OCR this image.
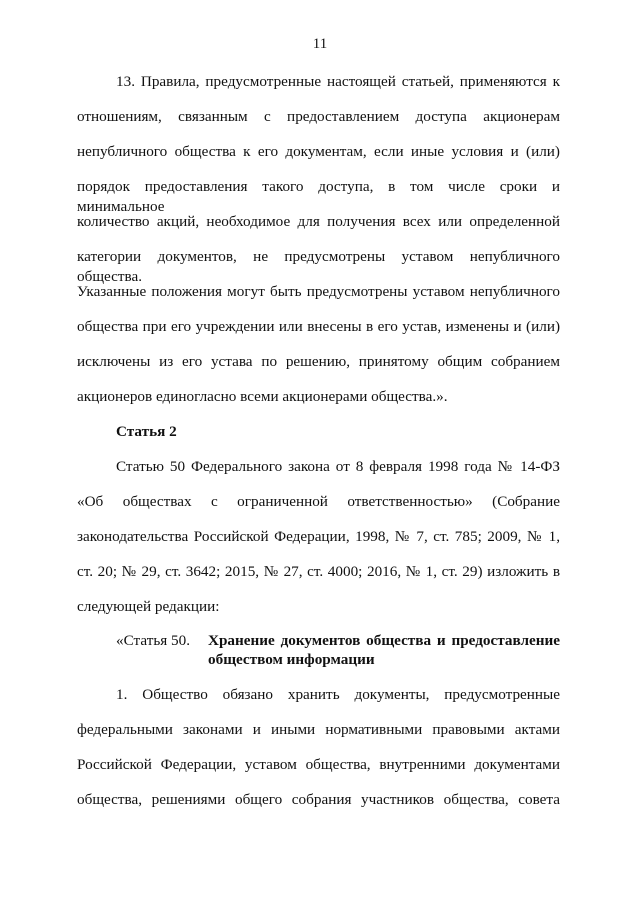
11
13. Правила, предусмотренные настоящей статьей, применяются к
отношениям, связанным с предоставлением доступа акционерам
непубличного общества к его документам, если иные условия и (или)
порядок предоставления такого доступа, в том числе сроки и минимальное
количество акций, необходимое для получения всех или определенной
категории документов, не предусмотрены уставом непубличного общества.
Указанные положения могут быть предусмотрены уставом непубличного
общества при его учреждении или внесены в его устав, изменены и (или)
исключены из его устава по решению, принятому общим собранием
акционеров единогласно всеми акционерами общества.».
Статья 2
Статью 50 Федерального закона от 8 февраля 1998 года № 14-ФЗ
«Об обществах с ограниченной ответственностью» (Собрание
законодательства Российской Федерации, 1998, № 7, ст. 785; 2009, № 1,
ст. 20; № 29, ст. 3642; 2015, № 27, ст. 4000; 2016, № 1, ст. 29) изложить в
следующей редакции:
«Статья 50. Хранение документов общества и предоставление
обществом информации
1. Общество обязано хранить документы, предусмотренные
федеральными законами и иными нормативными правовыми актами
Российской Федерации, уставом общества, внутренними документами
общества, решениями общего собрания участников общества, совета
